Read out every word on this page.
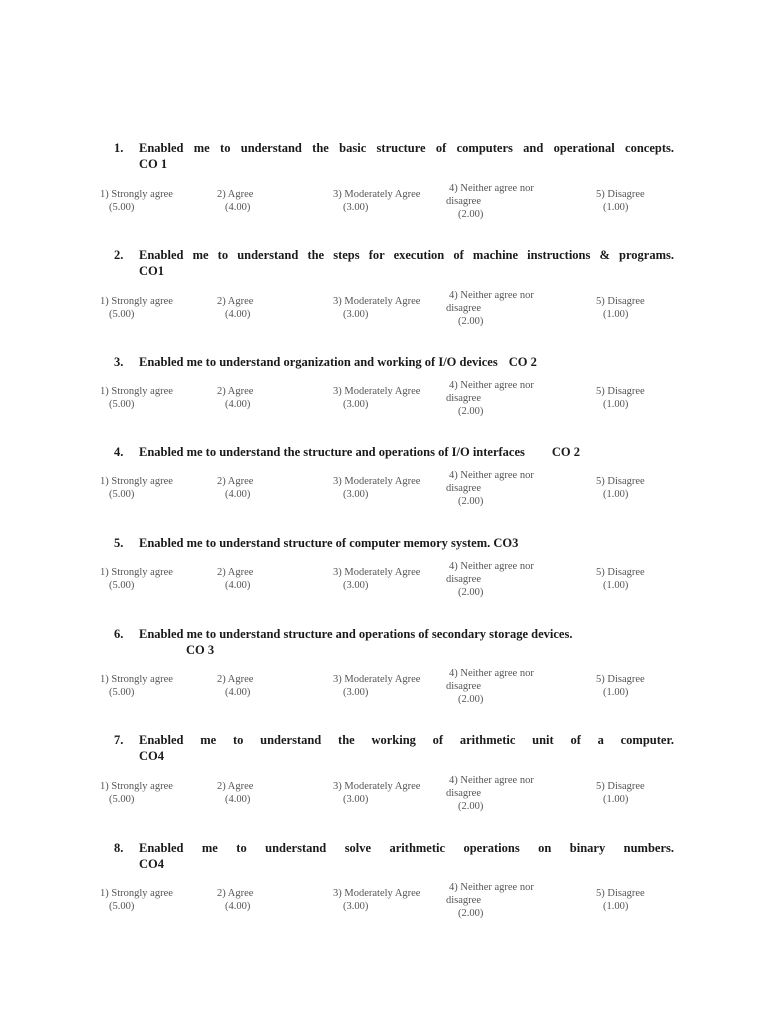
1. Enabled me to understand the basic structure of computers and operational concepts.
CO 1
1) Strongly agree
(5.00)
2) Agree
(4.00)
3) Moderately Agree
(3.00)
4) Neither agree nor
disagree
(2.00)
5) Disagree
(1.00)
2. Enabled me to understand the steps for execution of machine instructions & programs.
CO1
1) Strongly agree
(5.00)
2) Agree
(4.00)
3) Moderately Agree
(3.00)
4) Neither agree nor
disagree
(2.00)
5) Disagree
(1.00)
3. Enabled me to understand organization and working of I/O devices CO 2
1) Strongly agree
(5.00)
2) Agree
(4.00)
3) Moderately Agree
(3.00)
4) Neither agree nor
disagree
(2.00)
5) Disagree
(1.00)
4. Enabled me to understand the structure and operations of I/O interfaces CO 2
1) Strongly agree
(5.00)
2) Agree
(4.00)
3) Moderately Agree
(3.00)
4) Neither agree nor
disagree
(2.00)
5) Disagree
(1.00)
5. Enabled me to understand structure of computer memory system. CO3
1) Strongly agree
(5.00)
2) Agree
(4.00)
3) Moderately Agree
(3.00)
4) Neither agree nor
disagree
(2.00)
5) Disagree
(1.00)
6. Enabled me to understand structure and operations of secondary storage devices.
CO 3
1) Strongly agree
(5.00)
2) Agree
(4.00)
3) Moderately Agree
(3.00)
4) Neither agree nor
disagree
(2.00)
5) Disagree
(1.00)
7. Enabled me to understand the working of arithmetic unit of a computer.
CO4
1) Strongly agree
(5.00)
2) Agree
(4.00)
3) Moderately Agree
(3.00)
4) Neither agree nor
disagree
(2.00)
5) Disagree
(1.00)
8. Enabled me to understand solve arithmetic operations on binary numbers.
CO4
1) Strongly agree
(5.00)
2) Agree
(4.00)
3) Moderately Agree
(3.00)
4) Neither agree nor
disagree
(2.00)
5) Disagree
(1.00)
